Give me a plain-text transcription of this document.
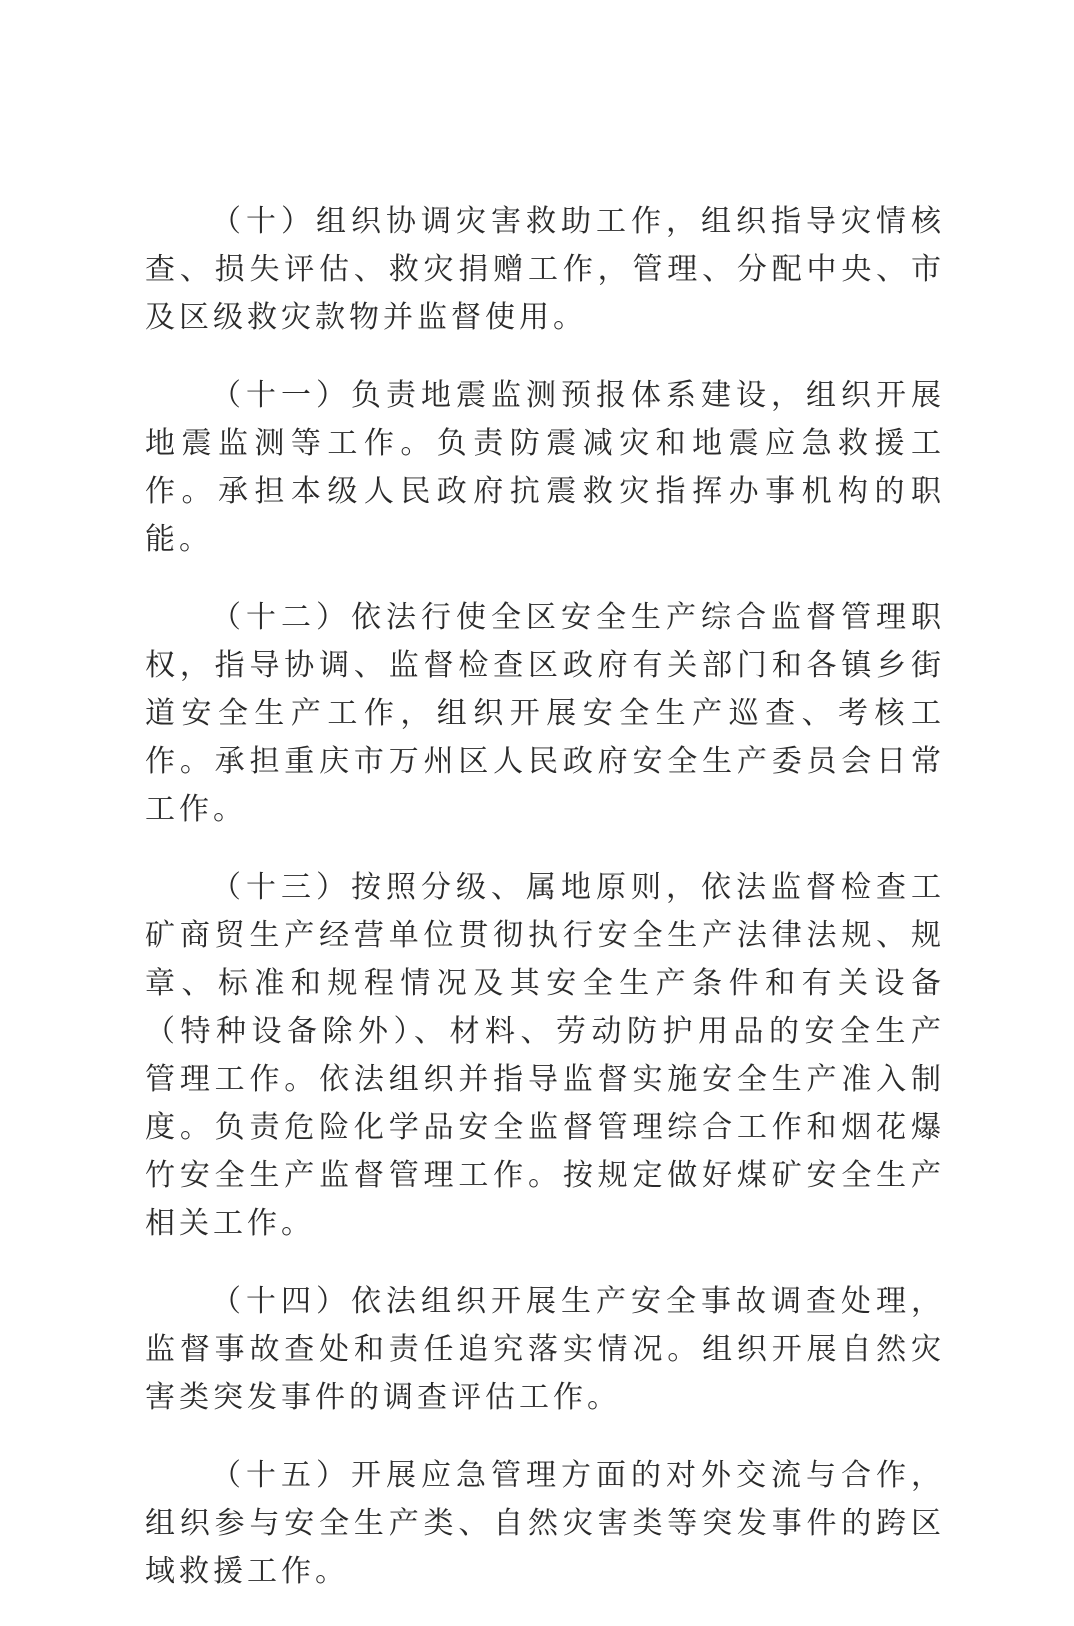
（十）组织协调灾害救助工作，组织指导灾情核查、损失评估、救灾捐赠工作，管理、分配中央、市及区级救灾款物并监督使用。

（十一）负责地震监测预报体系建设，组织开展地震监测等工作。负责防震减灾和地震应急救援工作。承担本级人民政府抗震救灾指挥办事机构的职能。

（十二）依法行使全区安全生产综合监督管理职权，指导协调、监督检查区政府有关部门和各镇乡街道安全生产工作，组织开展安全生产巡查、考核工作。承担重庆市万州区人民政府安全生产委员会日常工作。

（十三）按照分级、属地原则，依法监督检查工矿商贸生产经营单位贯彻执行安全生产法律法规、规章、标准和规程情况及其安全生产条件和有关设备（特种设备除外）、材料、劳动防护用品的安全生产管理工作。依法组织并指导监督实施安全生产准入制度。负责危险化学品安全监督管理综合工作和烟花爆竹安全生产监督管理工作。按规定做好煤矿安全生产相关工作。

（十四）依法组织开展生产安全事故调查处理，监督事故查处和责任追究落实情况。组织开展自然灾害类突发事件的调查评估工作。

（十五）开展应急管理方面的对外交流与合作，组织参与安全生产类、自然灾害类等突发事件的跨区域救援工作。
